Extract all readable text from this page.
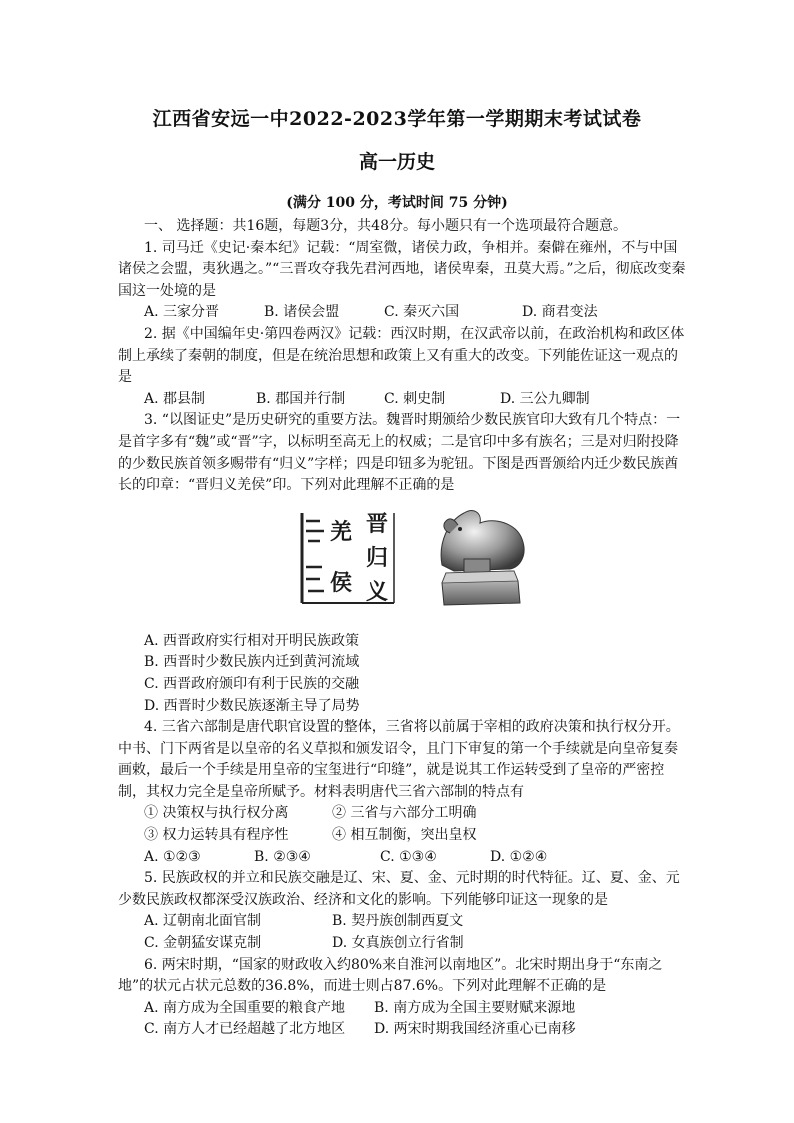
江西省安远一中2022-2023学年第一学期期末考试试卷
高一历史
(满分 100 分，考试时间 75 分钟)

一、 选择题：共16题，每题3分，共48分。每小题只有一个选项最符合题意。

1. 司马迁《史记·秦本纪》记载：“周室微，诸侯力政，争相并。秦僻在雍州，不与中国诸侯之会盟，夷狄遇之。”“三晋攻夺我先君河西地，诸侯卑秦，丑莫大焉。”之后，彻底改变秦国这一处境的是

A. 三家分晋	B. 诸侯会盟	C. 秦灭六国	D. 商君变法

2. 据《中国编年史·第四卷两汉》记载：西汉时期，在汉武帝以前，在政治机构和政区体制上承续了秦朝的制度，但是在统治思想和政策上又有重大的改变。下列能佐证这一观点的是

A. 郡县制	B. 郡国并行制	C. 刺史制	D. 三公九卿制

3. “以图证史”是历史研究的重要方法。魏晋时期颁给少数民族官印大致有几个特点：一是首字多有“魏”或“晋”字，以标明至高无上的权威；二是官印中多有族名；三是对归附投降的少数民族首领多赐带有“归义”字样；四是印钮多为驼钮。下图是西晋颁给内迁少数民族酋长的印章：“晋归义羌侯”印。下列对此理解不正确的是

晋
归
义
羌
侯

A. 西晋政府实行相对开明民族政策

B. 西晋时少数民族内迁到黄河流域

C. 西晋政府颁印有利于民族的交融

D. 西晋时少数民族逐渐主导了局势

4. 三省六部制是唐代职官设置的整体，三省将以前属于宰相的政府决策和执行权分开。中书、门下两省是以皇帝的名义草拟和颁发诏令，且门下审复的第一个手续就是向皇帝复奏画敕，最后一个手续是用皇帝的宝玺进行“印缝”，就是说其工作运转受到了皇帝的严密控制，其权力完全是皇帝所赋予。材料表明唐代三省六部制的特点有

① 决策权与执行权分离	② 三省与六部分工明确

③ 权力运转具有程序性	④ 相互制衡，突出皇权

A. ①②③	B. ②③④	C. ①③④	D. ①②④

5. 民族政权的并立和民族交融是辽、宋、夏、金、元时期的时代特征。辽、夏、金、元少数民族政权都深受汉族政治、经济和文化的影响。下列能够印证这一现象的是

A. 辽朝南北面官制	B. 契丹族创制西夏文

C. 金朝猛安谋克制	D. 女真族创立行省制

6. 两宋时期，“国家的财政收入约80%来自淮河以南地区”。北宋时期出身于“东南之地”的状元占状元总数的36.8%，而进士则占87.6%。下列对此理解不正确的是

A. 南方成为全国重要的粮食产地 B. 南方成为全国主要财赋来源地

C. 南方人才已经超越了北方地区 D. 两宋时期我国经济重心已南移
